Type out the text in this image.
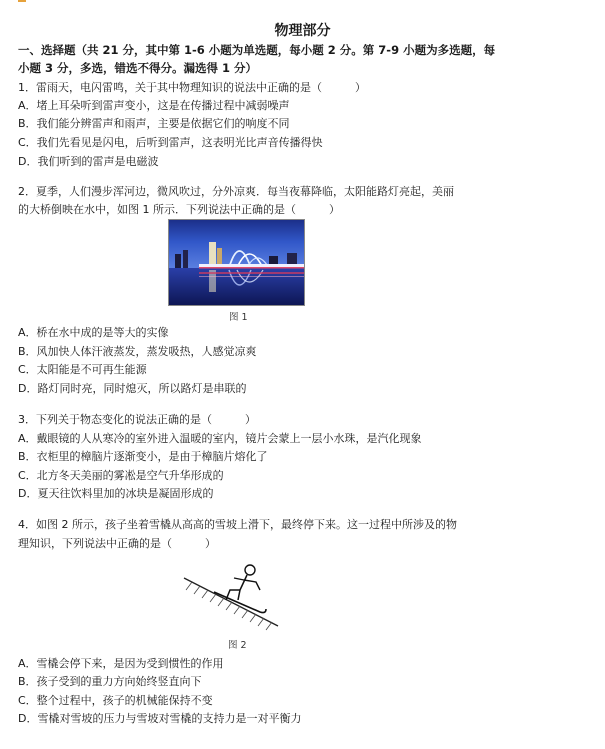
物理部分
一、选择题（共 21 分，其中第 1-6 小题为单选题，每小题 2 分。第 7-9 小题为多选题，每
小题 3 分，多选，错选不得分。漏选得 1 分）
1．雷雨天，电闪雷鸣，关于其中物理知识的说法中正确的是（　　　）
A．堵上耳朵听到雷声变小，这是在传播过程中减弱噪声
B．我们能分辨雷声和雨声，主要是依据它们的响度不同
C．我们先看见是闪电，后听到雷声，这表明光比声音传播得快
D．我们听到的雷声是电磁波
2．夏季，人们漫步浑河边，微风吹过，分外凉爽．每当夜幕降临，太阳能路灯亮起，美丽
的大桥倒映在水中，如图 1 所示．下列说法中正确的是（　　　）
图 1
A．桥在水中成的是等大的实像
B．风加快人体汗液蒸发，蒸发吸热，人感觉凉爽
C．太阳能是不可再生能源
D．路灯同时亮，同时熄灭，所以路灯是串联的
3．下列关于物态变化的说法正确的是（　　　）
A．戴眼镜的人从寒冷的室外进入温暖的室内，镜片会蒙上一层小水珠，是汽化现象
B．衣柜里的樟脑片逐渐变小，是由于樟脑片熔化了
C．北方冬天美丽的雾凇是空气升华形成的
D．夏天往饮料里加的冰块是凝固形成的
4．如图 2 所示，孩子坐着雪橇从高高的雪坡上滑下，最终停下来。这一过程中所涉及的物
理知识，下列说法中正确的是（　　　）
图 2
A．雪橇会停下来，是因为受到惯性的作用
B．孩子受到的重力方向始终竖直向下
C．整个过程中，孩子的机械能保持不变
D．雪橇对雪坡的压力与雪坡对雪橇的支持力是一对平衡力
